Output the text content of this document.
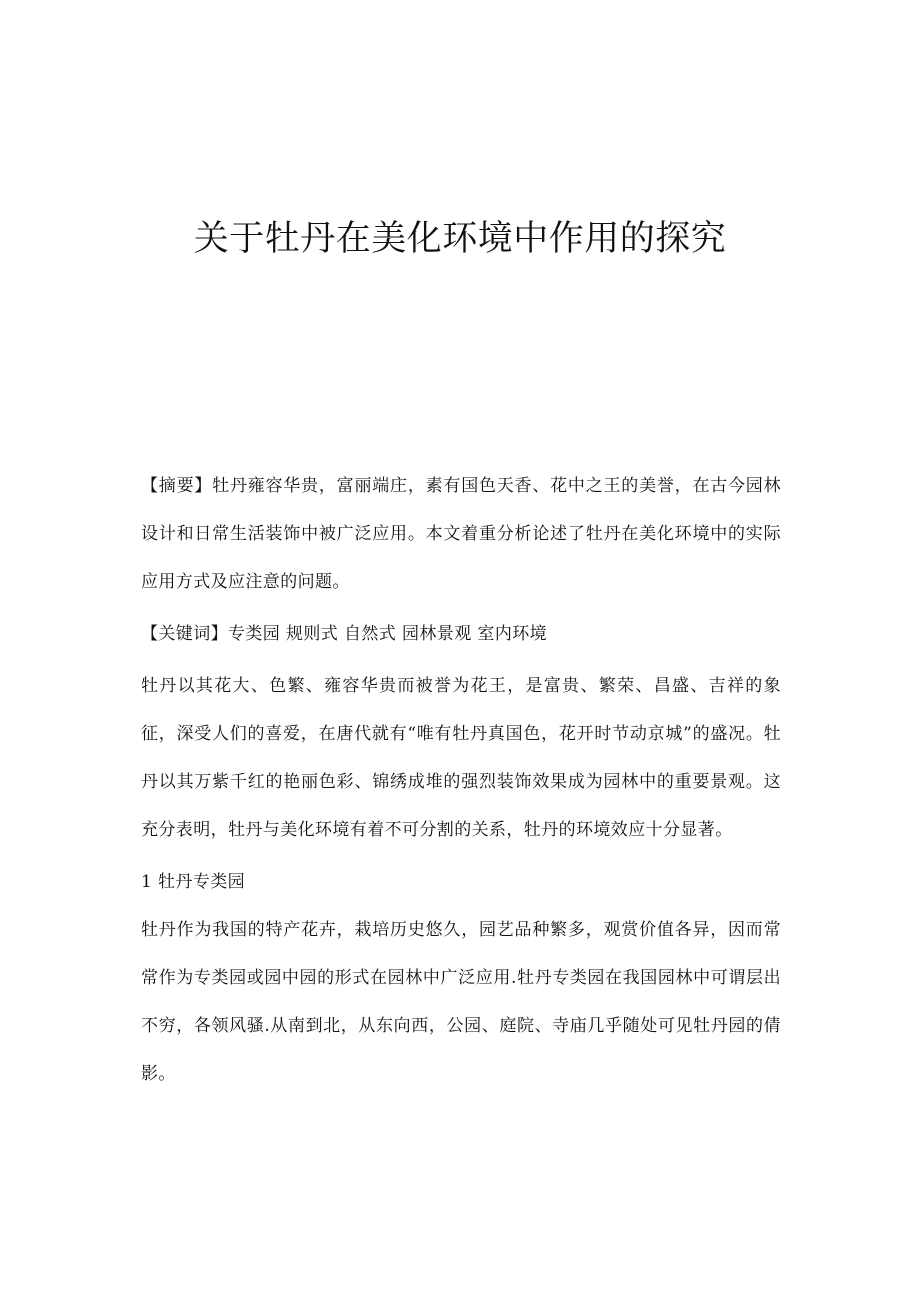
关于牡丹在美化环境中作用的探究

【摘要】牡丹雍容华贵，富丽端庄，素有国色天香、花中之王的美誉，在古今园林设计和日常生活装饰中被广泛应用。本文着重分析论述了牡丹在美化环境中的实际应用方式及应注意的问题。

【关键词】专类园 规则式 自然式 园林景观 室内环境

牡丹以其花大、色繁、雍容华贵而被誉为花王，是富贵、繁荣、昌盛、吉祥的象征，深受人们的喜爱，在唐代就有“唯有牡丹真国色，花开时节动京城”的盛况。牡丹以其万紫千红的艳丽色彩、锦绣成堆的强烈装饰效果成为园林中的重要景观。这充分表明，牡丹与美化环境有着不可分割的关系，牡丹的环境效应十分显著。

1 牡丹专类园

牡丹作为我国的特产花卉，栽培历史悠久，园艺品种繁多，观赏价值各异，因而常常作为专类园或园中园的形式在园林中广泛应用.牡丹专类园在我国园林中可谓层出不穷，各领风骚.从南到北，从东向西，公园、庭院、寺庙几乎随处可见牡丹园的倩影。
